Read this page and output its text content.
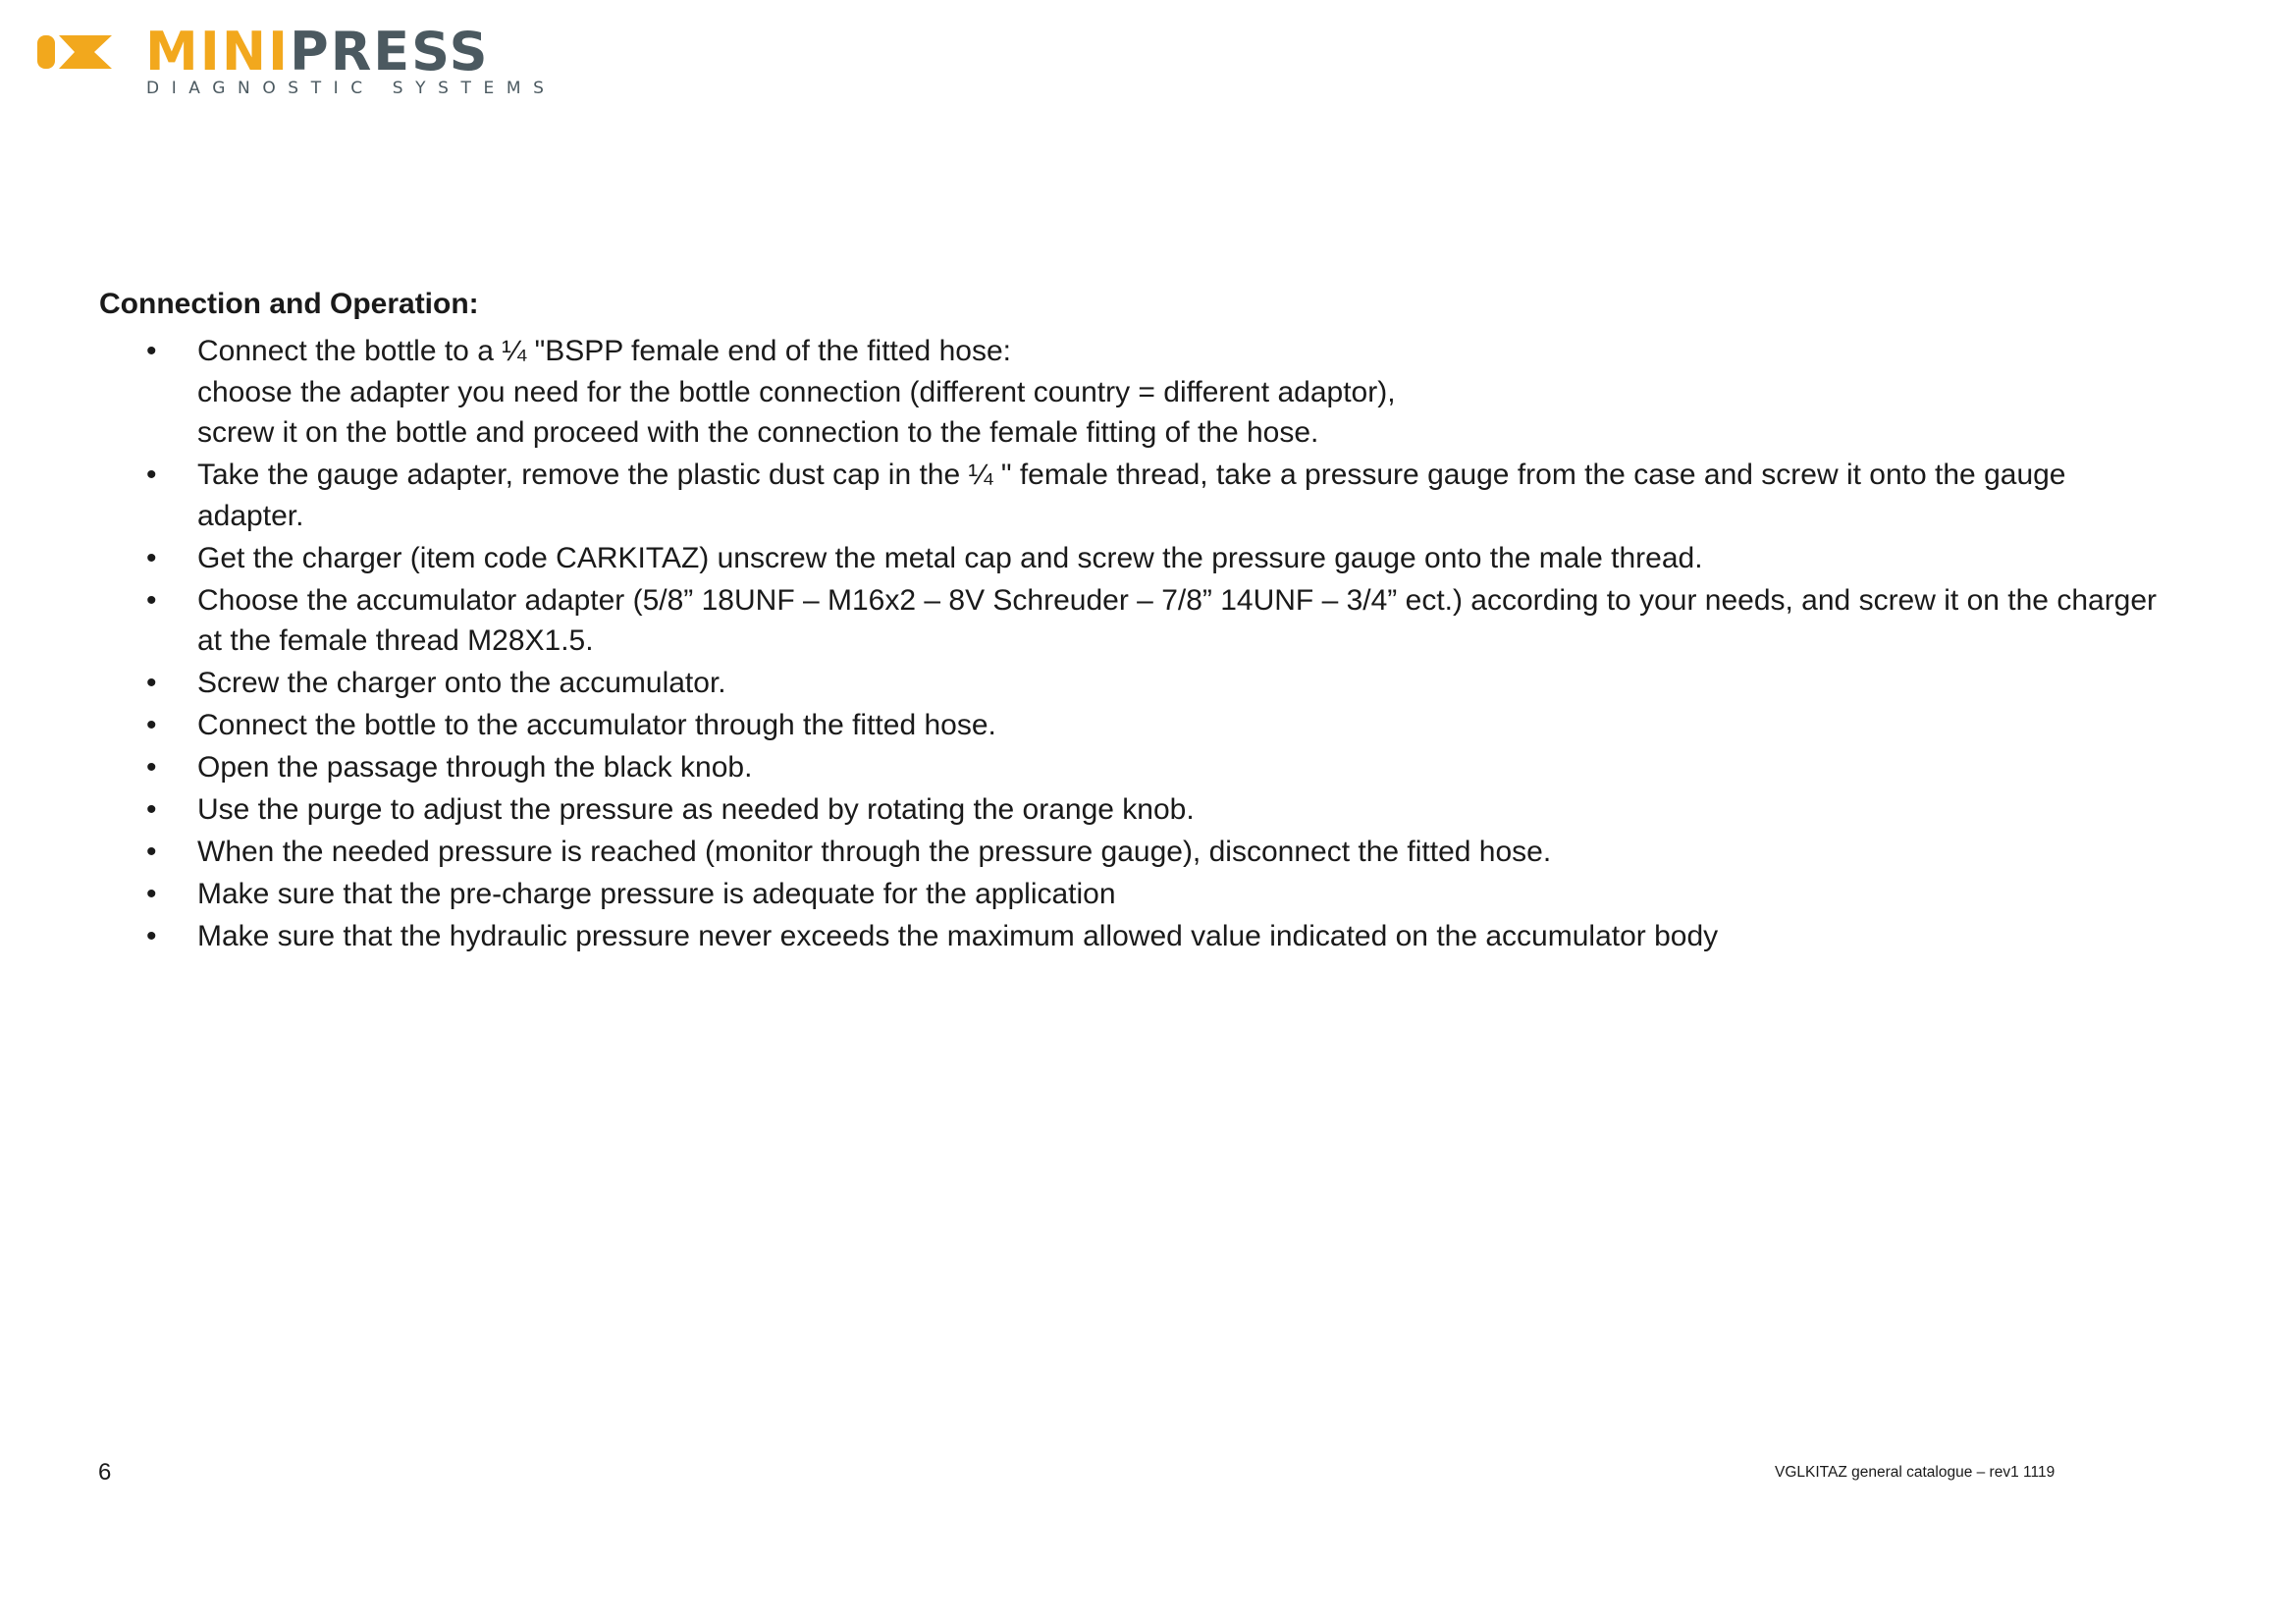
MINIPRESS
DIAGNOSTIC SYSTEMS
Connection and Operation:
• Connect the bottle to a ¼ "BSPP female end of the fitted hose:
choose the adapter you need for the bottle connection (different country = different adaptor),
screw it on the bottle and proceed with the connection to the female fitting of the hose.
• Take the gauge adapter, remove the plastic dust cap in the ¼ " female thread, take a pressure gauge from the case and screw it onto the gauge
adapter.
• Get the charger (item code CARKITAZ) unscrew the metal cap and screw the pressure gauge onto the male thread.
• Choose the accumulator adapter (5/8” 18UNF – M16x2 – 8V Schreuder – 7/8” 14UNF – 3/4” ect.) according to your needs, and screw it on the charger
at the female thread M28X1.5.
• Screw the charger onto the accumulator.
• Connect the bottle to the accumulator through the fitted hose.
• Open the passage through the black knob.
• Use the purge to adjust the pressure as needed by rotating the orange knob.
• When the needed pressure is reached (monitor through the pressure gauge), disconnect the fitted hose.
• Make sure that the pre-charge pressure is adequate for the application
• Make sure that the hydraulic pressure never exceeds the maximum allowed value indicated on the accumulator body
6	VGLKITAZ general catalogue – rev1 1119
